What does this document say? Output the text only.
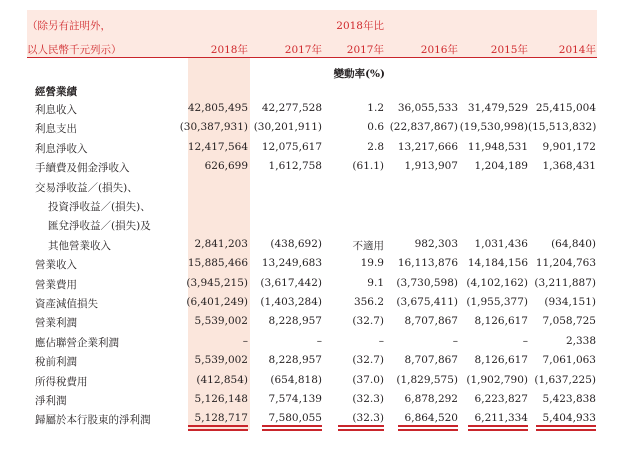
（除另有註明外，
以人民幣千元列示）
2018年比
2018年	2017年	2017年	2016年	2015年	2014年
變動率(%)
經營業績
利息收入	42,805,495	42,277,528	1.2	36,055,533 31,479,529 25,415,004
利息支出	(30,387,931) (30,201,911)	0.6 (22,837,867) (19,530,998) (15,513,832)
利息淨收入	12,417,564	12,075,617	2.8	13,217,666 11,948,531	9,901,172
手續費及佣金淨收入	626,699	1,612,758	(61.1)	1,913,907	1,204,189	1,368,431
交易淨收益／(損失)、
投資淨收益／(損失)、
匯兌淨收益／(損失)及
其他營業收入	2,841,203	(438,692)	不適用	982,303	1,031,436	(64,840)
營業收入	15,885,466	13,249,683	19.9	16,113,876 14,184,156 11,204,763
營業費用	(3,945,215)	(3,617,442)	9.1	(3,730,598) (4,102,162) (3,211,887)
資產減值損失	(6,401,249)	(1,403,284)	356.2	(3,675,411) (1,955,377)	(934,151)
營業利潤	5,539,002	8,228,957	(32.7)	8,707,867	8,126,617	7,058,725
應佔聯營企業利潤	–	–	–	–	–	2,338
稅前利潤	5,539,002	8,228,957	(32.7)	8,707,867	8,126,617	7,061,063
所得稅費用	(412,854)	(654,818)	(37.0)	(1,829,575) (1,902,790) (1,637,225)
淨利潤	5,126,148	7,574,139	(32.3)	6,878,292	6,223,827	5,423,838
歸屬於本行股東的淨利潤	5,128,717	7,580,055	(32.3)	6,864,520	6,211,334	5,404,933
